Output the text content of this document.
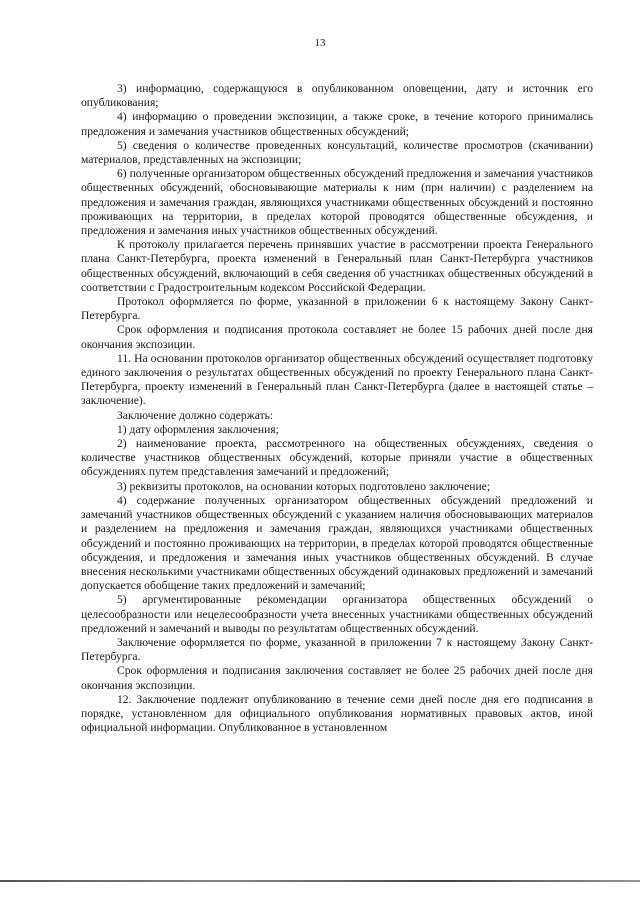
13

3) информацию, содержащуюся в опубликованном оповещении, дату и источник его опубликования;

4) информацию о проведении экспозиции, а также сроке, в течение которого принимались предложения и замечания участников общественных обсуждений;

5) сведения о количестве проведенных консультаций, количестве просмотров (скачивании) материалов, представленных на экспозиции;

6) полученные организатором общественных обсуждений предложения и замечания участников общественных обсуждений, обосновывающие материалы к ним (при наличии) с разделением на предложения и замечания граждан, являющихся участниками общественных обсуждений и постоянно проживающих на территории, в пределах которой проводятся общественные обсуждения, и предложения и замечания иных участников общественных обсуждений.

К протоколу прилагается перечень принявших участие в рассмотрении проекта Генерального плана Санкт-Петербурга, проекта изменений в Генеральный план Санкт-Петербурга участников общественных обсуждений, включающий в себя сведения об участниках общественных обсуждений в соответствии с Градостроительным кодексом Российской Федерации.

Протокол оформляется по форме, указанной в приложении 6 к настоящему Закону Санкт-Петербурга.

Срок оформления и подписания протокола составляет не более 15 рабочих дней после дня окончания экспозиции.

11. На основании протоколов организатор общественных обсуждений осуществляет подготовку единого заключения о результатах общественных обсуждений по проекту Генерального плана Санкт-Петербурга, проекту изменений в Генеральный план Санкт-Петербурга (далее в настоящей статье – заключение).

Заключение должно содержать:

1) дату оформления заключения;

2) наименование проекта, рассмотренного на общественных обсуждениях, сведения о количестве участников общественных обсуждений, которые приняли участие в общественных обсуждениях путем представления замечаний и предложений;

3) реквизиты протоколов, на основании которых подготовлено заключение;

4) содержание полученных организатором общественных обсуждений предложений и замечаний участников общественных обсуждений с указанием наличия обосновывающих материалов и разделением на предложения и замечания граждан, являющихся участниками общественных обсуждений и постоянно проживающих на территории, в пределах которой проводятся общественные обсуждения, и предложения и замечания иных участников общественных обсуждений. В случае внесения несколькими участниками общественных обсуждений одинаковых предложений и замечаний допускается обобщение таких предложений и замечаний;

5) аргументированные рекомендации организатора общественных обсуждений о целесообразности или нецелесообразности учета внесенных участниками общественных обсуждений предложений и замечаний и выводы по результатам общественных обсуждений.

Заключение оформляется по форме, указанной в приложении 7 к настоящему Закону Санкт-Петербурга.

Срок оформления и подписания заключения составляет не более 25 рабочих дней после дня окончания экспозиции.

12. Заключение подлежит опубликованию в течение семи дней после дня его подписания в порядке, установленном для официального опубликования нормативных правовых актов, иной официальной информации. Опубликованное в установленном
